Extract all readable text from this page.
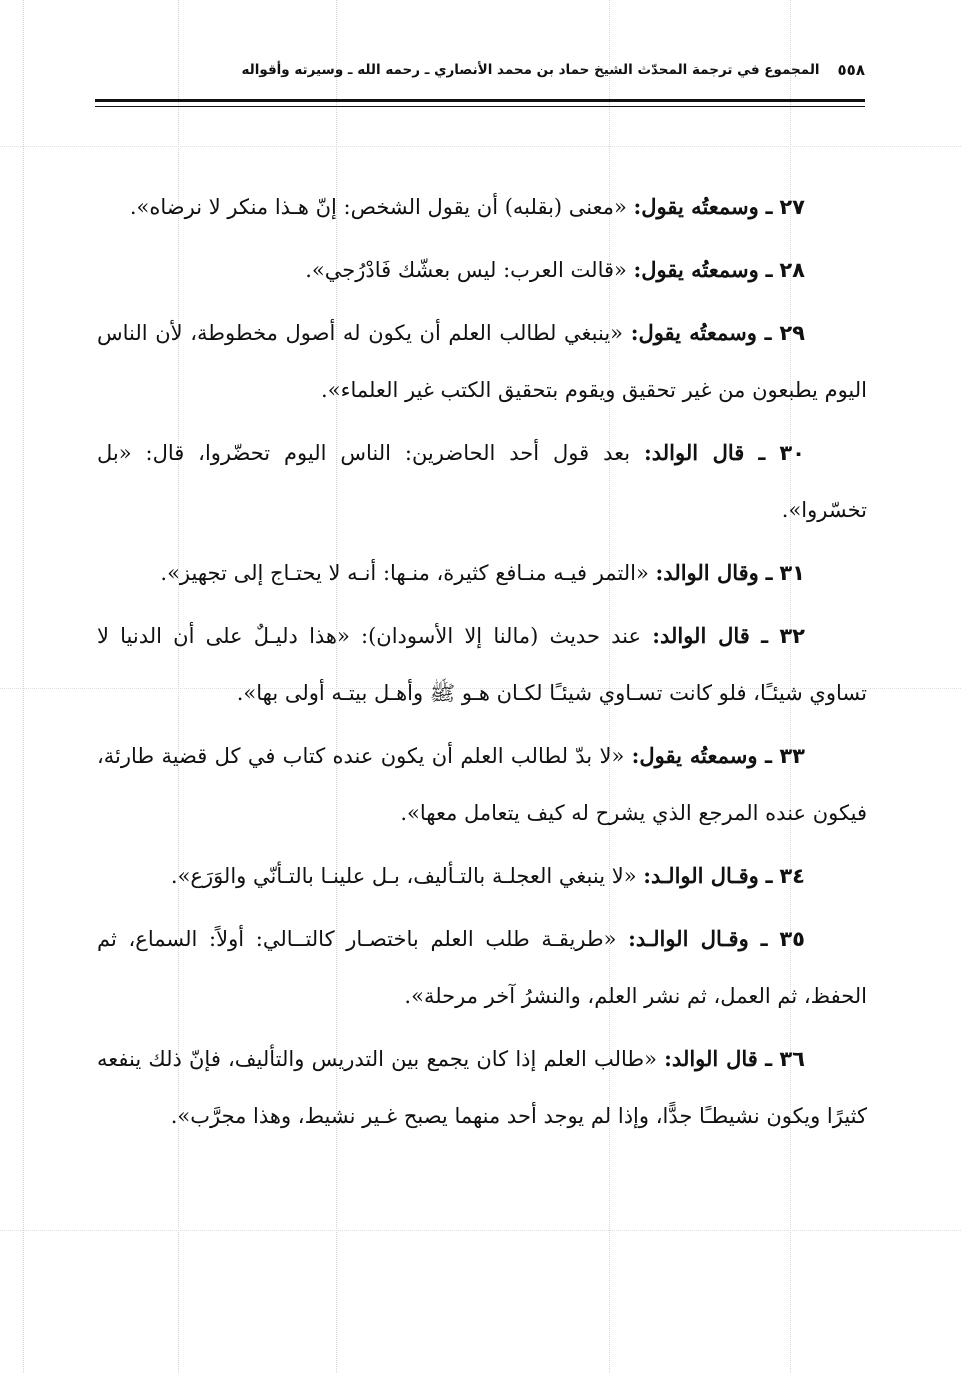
٥٥٨
المجموع في ترجمة المحدّث الشيخ حماد بن محمد الأنصاري ـ رحمه الله ـ وسيرته وأقواله

٢٧ ـ وسمعتُه يقول: «معنى (بقلبه) أن يقول الشخص: إنّ هـذا منكر لا نرضاه».

٢٨ ـ وسمعتُه يقول: «قالت العرب: ليس بعشّك فَادْرُجي».

٢٩ ـ وسمعتُه يقول: «ينبغي لطالب العلم أن يكون له أصول مخطوطة، لأن الناس اليوم يطبعون من غير تحقيق ويقوم بتحقيق الكتب غير العلماء».

٣٠ ـ قال الوالد: بعد قول أحد الحاضرين: الناس اليوم تحضّروا، قال: «بل تخسّروا».

٣١ ـ وقال الوالد: «التمر فيـه منـافع كثيرة، منـها: أنـه لا يحتـاج إلى تجهيز».

٣٢ ـ قال الوالد: عند حديث (مالنا إلا الأسودان): «هذا دليـلٌ على أن الدنيا لا تساوي شيئـًا، فلو كانت تسـاوي شيئـًا لكـان هـو ﷺ وأهـل بيتـه أولى بها».

٣٣ ـ وسمعتُه يقول: «لا بدّ لطالب العلم أن يكون عنده كتاب في كل قضية طارئة، فيكون عنده المرجع الذي يشرح له كيف يتعامل معها».

٣٤ ـ وقـال الوالـد: «لا ينبغي العجلـة بالتـأليف، بـل علينـا بالتـأنّي والوَرَع».

٣٥ ـ وقـال الوالـد: «طريقـة طلب العلم باختصـار كالتــالي: أولاً: السماع، ثم الحفظ، ثم العمل، ثم نشر العلم، والنشرُ آخر مرحلة».

٣٦ ـ قال الوالد: «طالب العلم إذا كان يجمع بين التدريس والتأليف، فإنّ ذلك ينفعه كثيرًا ويكون نشيطـًا جدًّا، وإذا لم يوجد أحد منهما يصبح غـير نشيط، وهذا مجرَّب».
